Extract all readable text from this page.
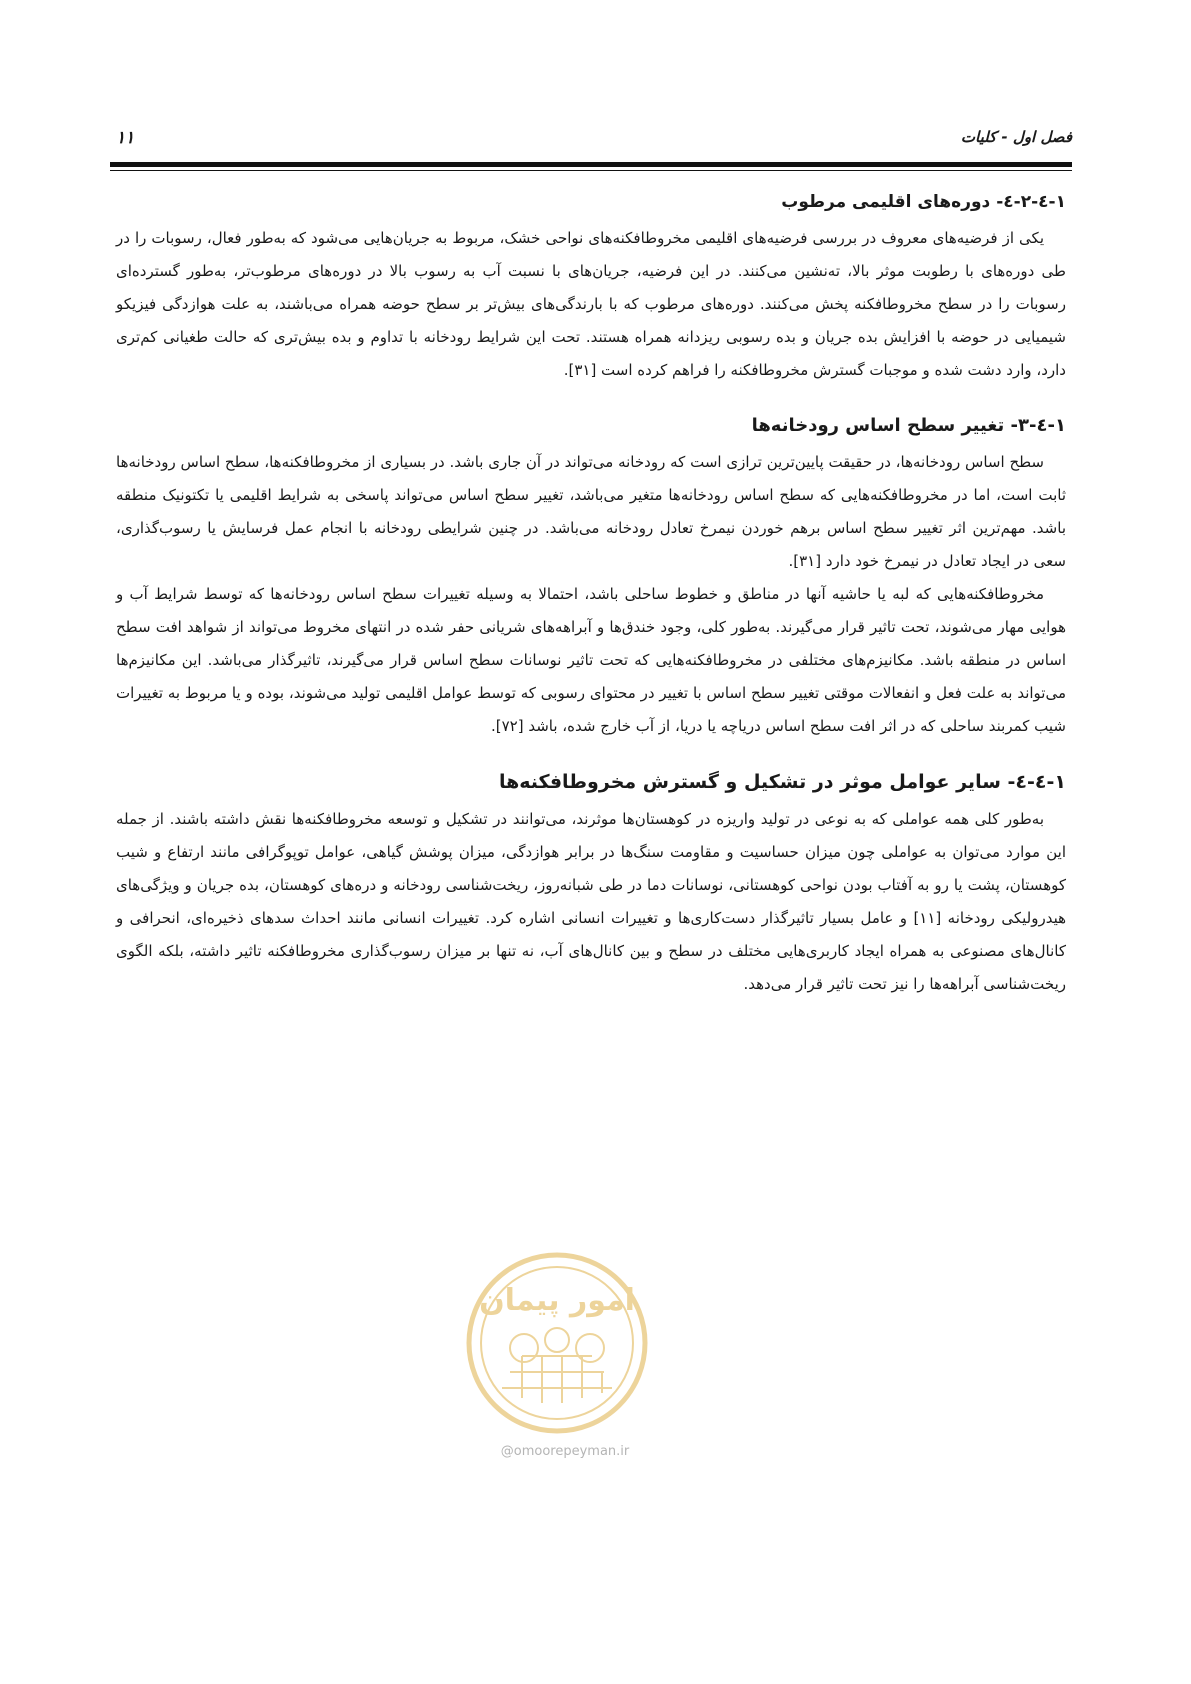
فصل اول - کلیات
۱۱
۱-٤-۲-٤- دوره‌های اقلیمی مرطوب

یکی از فرضیه‌های معروف در بررسی فرضیه‌های اقلیمی مخروطافکنه‌های نواحی خشک، مربوط به جریان‌هایی می‌شود که به‌طور فعال، رسوبات را در طی دوره‌های با رطوبت موثر بالا، ته‌نشین می‌کنند. در این فرضیه، جریان‌های با نسبت آب به رسوب بالا در دوره‌های مرطوب‌تر، به‌طور گسترده‌ای رسوبات را در سطح مخروطافکنه پخش می‌کنند. دوره‌های مرطوب که با بارندگی‌های بیش‌تر بر سطح حوضه همراه می‌باشند، به علت هوازدگی فیزیکو شیمیایی در حوضه با افزایش بده جریان و بده رسوبی ریزدانه همراه هستند. تحت این شرایط رودخانه با تداوم و بده بیش‌تری که حالت طغیانی کم‌تری دارد، وارد دشت شده و موجبات گسترش مخروطافکنه را فراهم کرده است [۳۱].

۱-٤-۳- تغییر سطح اساس رودخانه‌ها

سطح اساس رودخانه‌ها، در حقیقت پایین‌ترین ترازی است که رودخانه می‌تواند در آن جاری باشد. در بسیاری از مخروطافکنه‌ها، سطح اساس رودخانه‌ها ثابت است، اما در مخروطافکنه‌هایی که سطح اساس رودخانه‌ها متغیر می‌باشد، تغییر سطح اساس می‌تواند پاسخی به شرایط اقلیمی یا تکتونیک منطقه باشد. مهم‌ترین اثر تغییر سطح اساس برهم خوردن نیمرخ تعادل رودخانه می‌باشد. در چنین شرایطی رودخانه با انجام عمل فرسایش یا رسوب‌گذاری، سعی در ایجاد تعادل در نیمرخ خود دارد [۳۱].

مخروطافکنه‌هایی که لبه یا حاشیه آنها در مناطق و خطوط ساحلی باشد، احتمالا به وسیله تغییرات سطح اساس رودخانه‌ها که توسط شرایط آب و هوایی مهار می‌شوند، تحت تاثیر قرار می‌گیرند. به‌طور کلی، وجود خندق‌ها و آبراهه‌های شریانی حفر شده در انتهای مخروط می‌تواند از شواهد افت سطح اساس در منطقه باشد. مکانیزم‌های مختلفی در مخروطافکنه‌هایی که تحت تاثیر نوسانات سطح اساس قرار می‌گیرند، تاثیرگذار می‌باشد. این مکانیزم‌ها می‌تواند به علت فعل و انفعالات موقتی تغییر سطح اساس با تغییر در محتوای رسوبی که توسط عوامل اقلیمی تولید می‌شوند، بوده و یا مربوط به تغییرات شیب کمربند ساحلی که در اثر افت سطح اساس دریاچه یا دریا، از آب خارج شده، باشد [۷۲].

۱-٤-٤- سایر عوامل موثر در تشکیل و گسترش مخروطافکنه‌ها

به‌طور کلی همه عواملی که به نوعی در تولید واریزه در کوهستان‌ها موثرند، می‌توانند در تشکیل و توسعه مخروطافکنه‌ها نقش داشته باشند. از جمله این موارد می‌توان به عواملی چون میزان حساسیت و مقاومت سنگ‌ها در برابر هوازدگی، میزان پوشش گیاهی، عوامل توپوگرافی مانند ارتفاع و شیب کوهستان، پشت یا رو به آفتاب بودن نواحی کوهستانی، نوسانات دما در طی شبانه‌روز، ریخت‌شناسی رودخانه و دره‌های کوهستان، بده جریان و ویژگی‌های هیدرولیکی رودخانه [۱۱] و عامل بسیار تاثیرگذار دست‌کاری‌ها و تغییرات انسانی اشاره کرد. تغییرات انسانی مانند احداث سدهای ذخیره‌ای، انحرافی و کانال‌های مصنوعی به همراه ایجاد کاربری‌هایی مختلف در سطح و بین کانال‌های آب، نه تنها بر میزان رسوب‌گذاری مخروطافکنه تاثیر داشته، بلکه الگوی ریخت‌شناسی آبراهه‌ها را نیز تحت تاثیر قرار می‌دهد.

امور پیمان
@omoorepeyman.ir
